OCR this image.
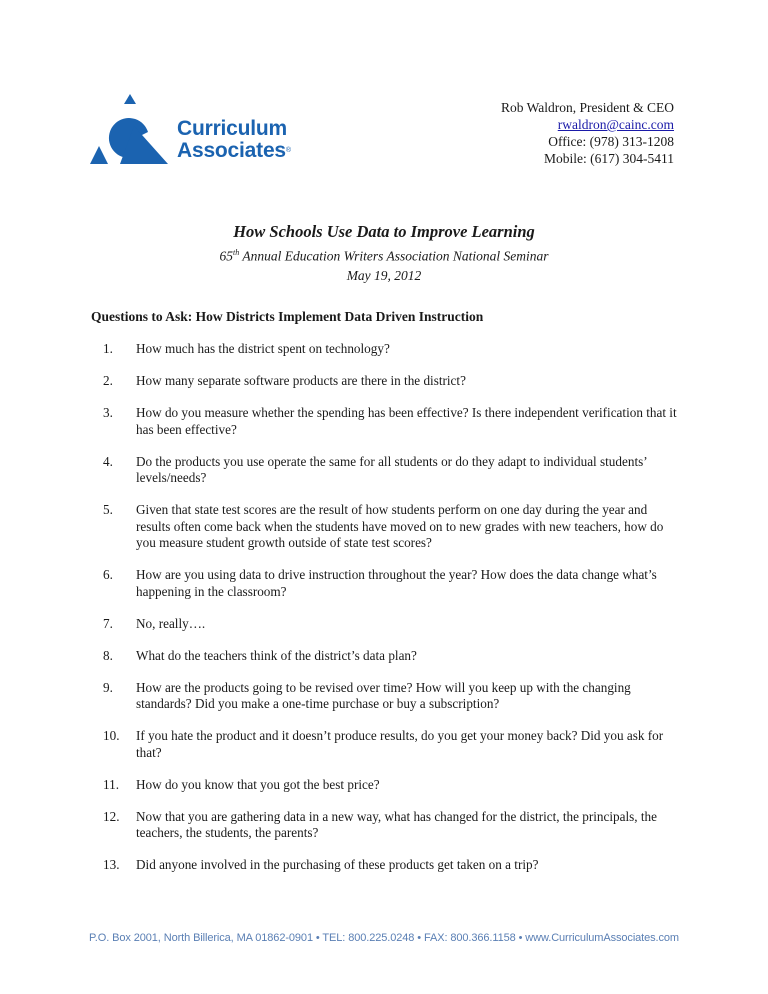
Curriculum
Associates®
Rob Waldron, President & CEO
rwaldron@cainc.com
Office: (978) 313-1208
Mobile: (617) 304-5411
How Schools Use Data to Improve Learning
65th Annual Education Writers Association National Seminar
May 19, 2012
Questions to Ask: How Districts Implement Data Driven Instruction
1.	How much has the district spent on technology?
2.	How many separate software products are there in the district?
3.	How do you measure whether the spending has been effective? Is there independent verification that it has been effective?
4.	Do the products you use operate the same for all students or do they adapt to individual students’ levels/needs?
5.	Given that state test scores are the result of how students perform on one day during the year and results often come back when the students have moved on to new grades with new teachers, how do you measure student growth outside of state test scores?
6.	How are you using data to drive instruction throughout the year? How does the data change what’s happening in the classroom?
7.	No, really….
8.	What do the teachers think of the district’s data plan?
9.	How are the products going to be revised over time? How will you keep up with the changing standards? Did you make a one-time purchase or buy a subscription?
10.	If you hate the product and it doesn’t produce results, do you get your money back? Did you ask for that?
11.	How do you know that you got the best price?
12.	Now that you are gathering data in a new way, what has changed for the district, the principals, the teachers, the students, the parents?
13.	Did anyone involved in the purchasing of these products get taken on a trip?
P.O. Box 2001, North Billerica, MA 01862-0901 • TEL: 800.225.0248 • FAX: 800.366.1158 • www.CurriculumAssociates.com
